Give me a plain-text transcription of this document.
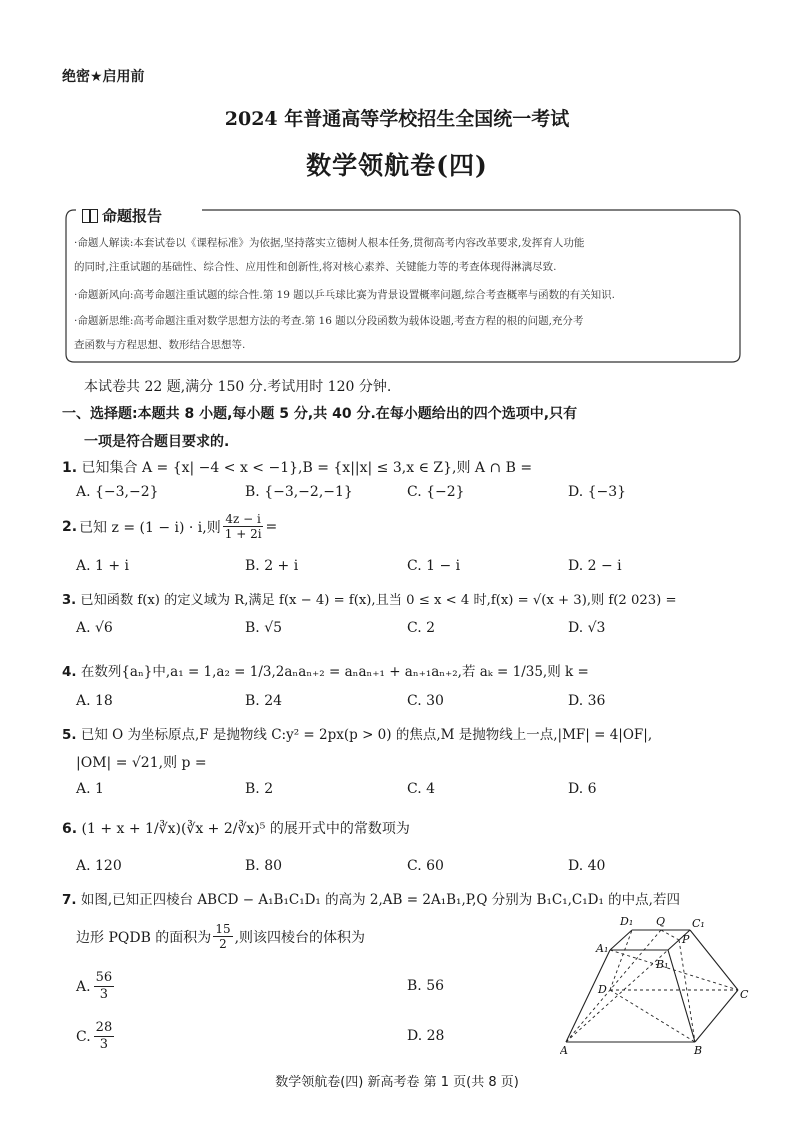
绝密★启用前
2024 年普通高等学校招生全国统一考试
数学领航卷(四)
命题报告
·命题人解读:本套试卷以《课程标准》为依据,坚持落实立德树人根本任务,贯彻高考内容改革要求,发挥育人功能
的同时,注重试题的基础性、综合性、应用性和创新性,将对核心素养、关键能力等的考查体现得淋漓尽致.
·命题新风向:高考命题注重试题的综合性.第 19 题以乒乓球比赛为背景设置概率问题,综合考查概率与函数的有关知识.
·命题新思维:高考命题注重对数学思想方法的考查.第 16 题以分段函数为载体设题,考查方程的根的问题,充分考
查函数与方程思想、数形结合思想等.
本试卷共 22 题,满分 150 分.考试用时 120 分钟.
一、选择题:本题共 8 小题,每小题 5 分,共 40 分.在每小题给出的四个选项中,只有
一项是符合题目要求的.
1. 已知集合 A = {x| −4 < x < −1},B = {x||x| ≤ 3,x ∈ Z},则 A ∩ B =
A. {−3,−2}	B. {−3,−2,−1}	C. {−2}	D. {−3}
2. 已知 z = (1 − i) · i,则 $\frac{4z - i}{1 + 2i}$ =
A. 1 + i	B. 2 + i	C. 1 − i	D. 2 − i
3. 已知函数 f(x) 的定义域为 R,满足 f(x − 4) = f(x),且当 0 ≤ x < 4 时,f(x) = √(x + 3),则 f(2 023) =
A. √6	B. √5	C. 2	D. √3
4. 在数列{aₙ}中,a₁ = 1,a₂ = 1/3,2aₙaₙ₊₂ = aₙaₙ₊₁ + aₙ₊₁aₙ₊₂,若 aₖ = 1/35,则 k =
A. 18	B. 24	C. 30	D. 36
5. 已知 O 为坐标原点,F 是抛物线 C:y² = 2px(p > 0) 的焦点,M 是抛物线上一点,|MF| = 4|OF|,
|OM| = √21,则 p =
A. 1	B. 2	C. 4	D. 6
6. (1 + x + 1/∛x)(∛x + 2/∛x)⁵ 的展开式中的常数项为
A. 120	B. 80	C. 60	D. 40
7. 如图,已知正四棱台 ABCD − A₁B₁C₁D₁ 的高为 2,AB = 2A₁B₁,P,Q 分别为 B₁C₁,C₁D₁ 的中点,若四
边形 PQDB 的面积为 $\frac{15}{2}$ ,则该四棱台的体积为
A. $\frac{56}{3}$	B. 56
C. $\frac{28}{3}$	D. 28
D₁ Q C₁
A₁
P
B₁
D	C
A	B
数学领航卷(四) 新高考卷 第 1 页(共 8 页)
